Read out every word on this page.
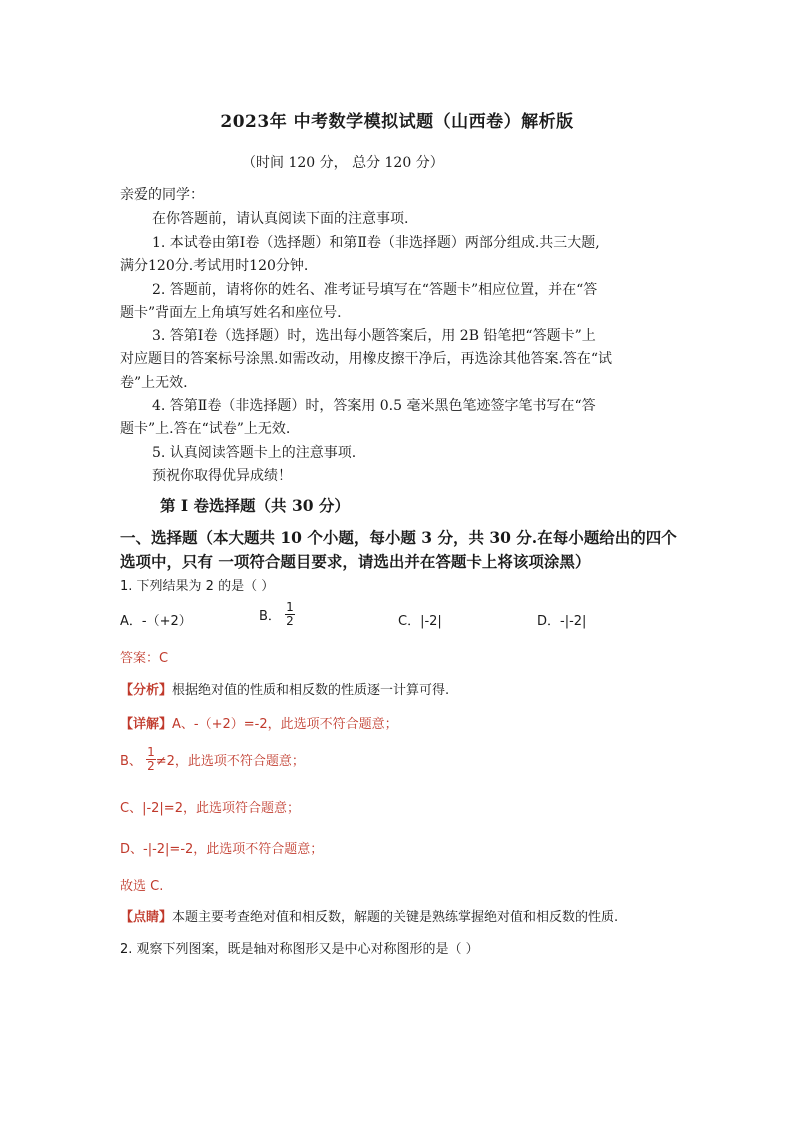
2023年 中考数学模拟试题（山西卷）解析版
（时间 120 分， 总分 120 分）
亲爱的同学：
在你答题前，请认真阅读下面的注意事项.
1. 本试卷由第Ⅰ卷（选择题）和第Ⅱ卷（非选择题）两部分组成.共三大题,
满分120分.考试用时120分钟.
2. 答题前，请将你的姓名、准考证号填写在“答题卡”相应位置，并在“答
题卡”背面左上角填写姓名和座位号.
3. 答第Ⅰ卷（选择题）时，选出每小题答案后，用 2B 铅笔把“答题卡”上
对应题目的答案标号涂黑.如需改动，用橡皮擦干净后，再选涂其他答案.答在“试
卷”上无效.
4. 答第Ⅱ卷（非选择题）时，答案用 0.5 毫米黑色笔迹签字笔书写在“答
题卡”上.答在“试卷”上无效.
5. 认真阅读答题卡上的注意事项.
预祝你取得优异成绩！
第 Ⅰ 卷选择题（共 30 分）
一、选择题（本大题共 10 个小题，每小题 3 分，共 30 分.在每小题给出的四个
选项中，只有 一项符合题目要求，请选出并在答题卡上将该项涂黑）
1. 下列结果为 2 的是（ ）
A．-（+2）	B． $\frac{1}{2}$	C．|-2|	D．-|-2|
答案：C
【分析】根据绝对值的性质和相反数的性质逐一计算可得.
【详解】A、-（+2）=-2，此选项不符合题意；
B、 $\frac{1}{2} \ne 2$，此选项不符合题意；
C、|-2|=2，此选项符合题意；
D、-|-2|=-2，此选项不符合题意；
故选 C.
【点睛】本题主要考查绝对值和相反数，解题的关键是熟练掌握绝对值和相反数的性质.
2. 观察下列图案，既是轴对称图形又是中心对称图形的是（ ）
